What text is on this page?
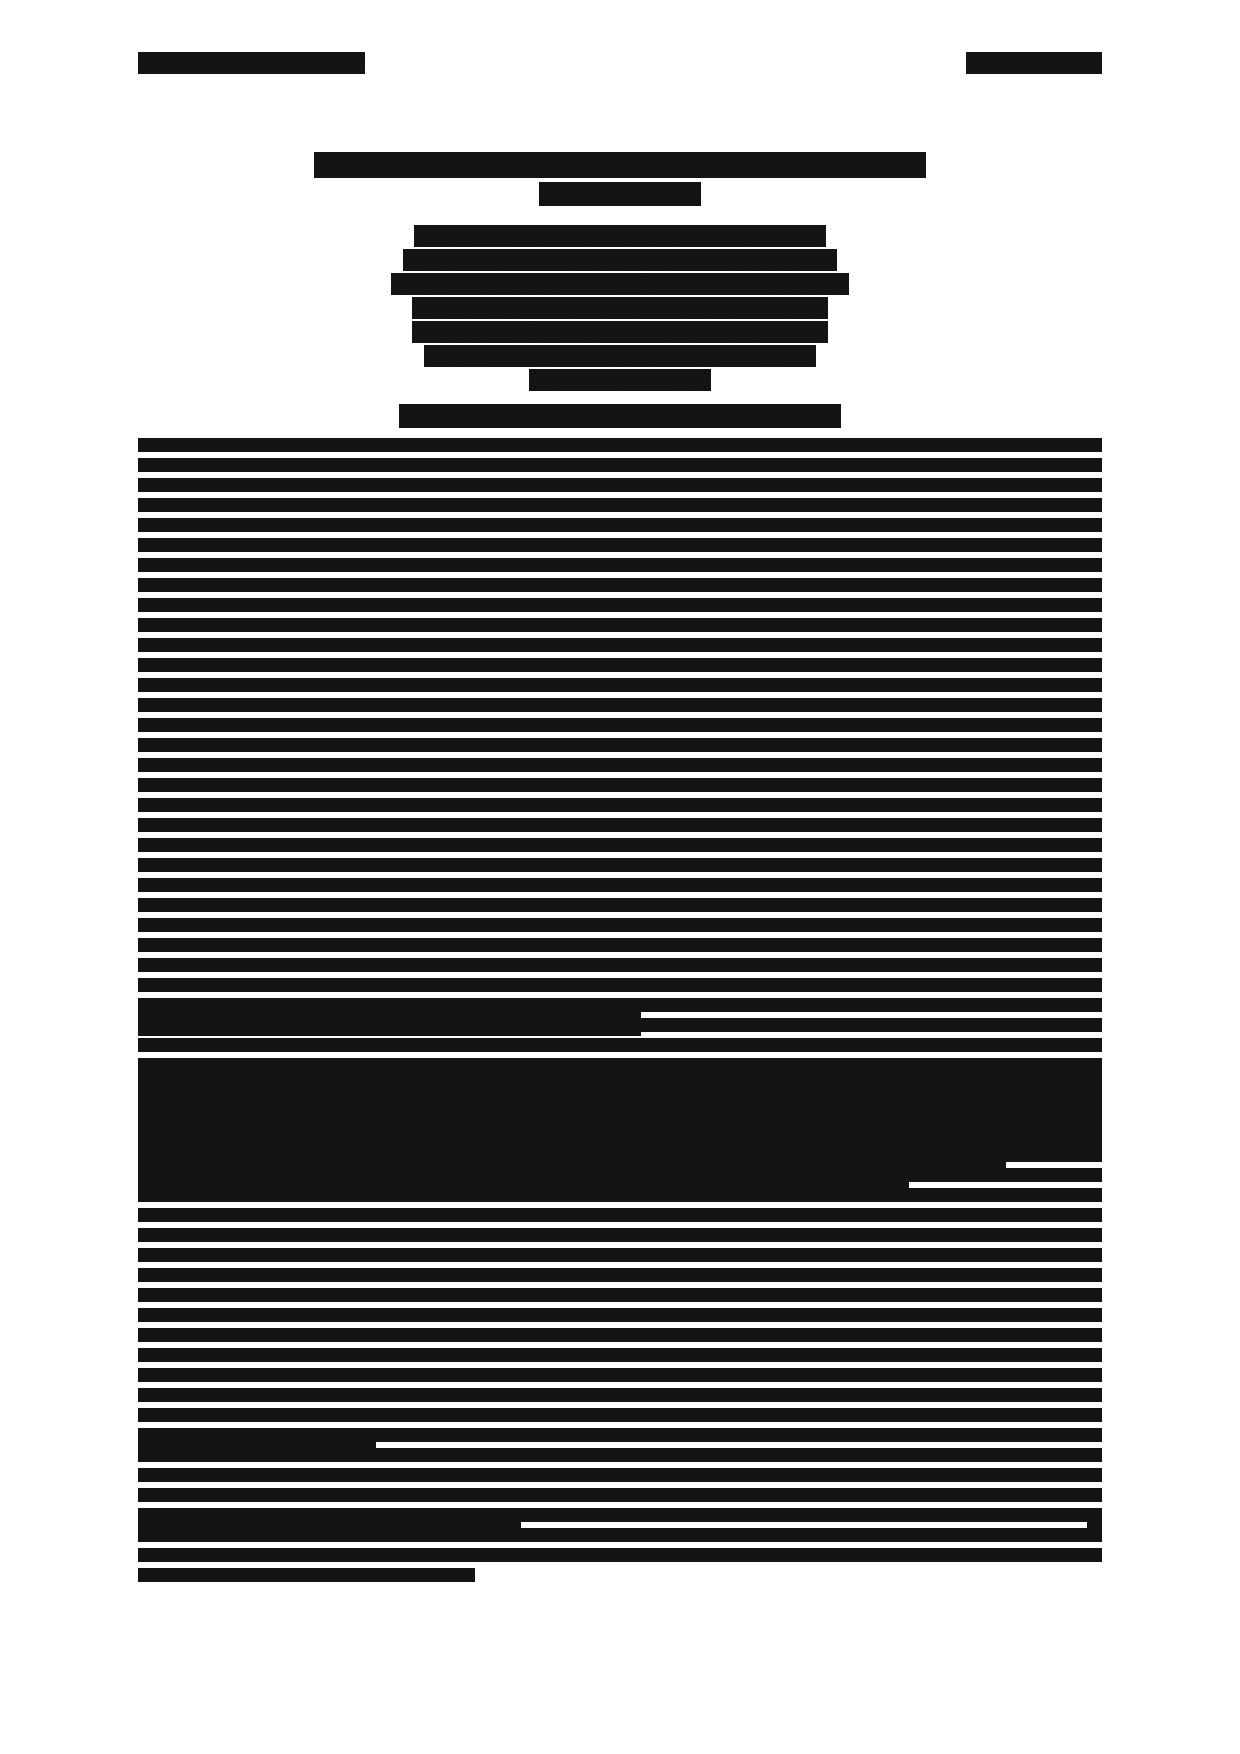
Machine Learning Workshop	Technical Report
Structured Representation Learning for Document Understanding
An Empirical Study
Abstract — We present a study on structured representation
learning applied to document understanding tasks. Our method
combines layout-aware encoders with text embeddings to improve
downstream extraction accuracy across several benchmarks.
Experiments on three public datasets demonstrate consistent
gains over strong baselines, with ablations isolating each
component's contribution.
Section 1. Introduction and Related Background Work
Results, Ablation Studies and Discussion of Model Behaviour
Conclusion and Future Work
Proceedings of the International Workshop Series	1
